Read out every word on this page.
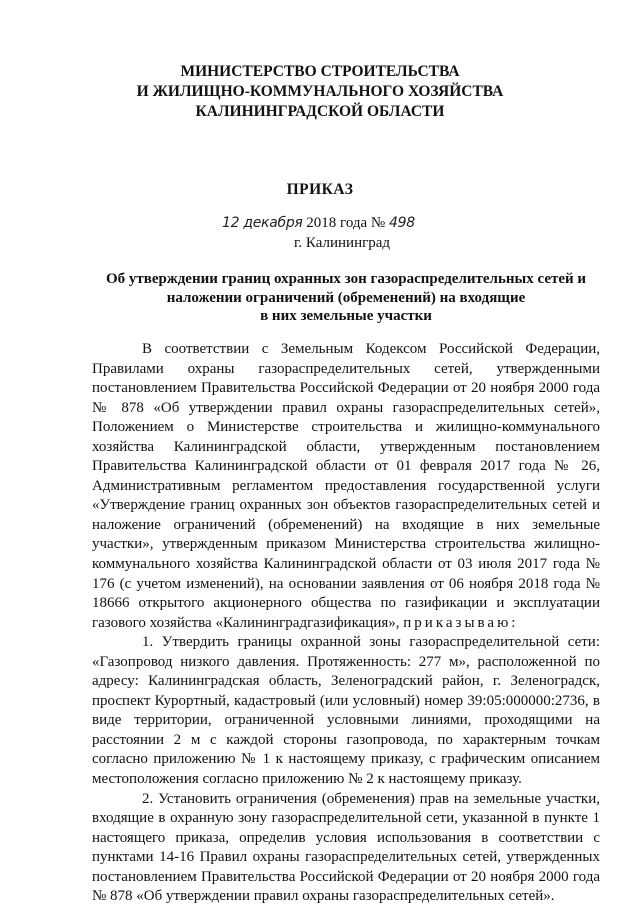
МИНИСТЕРСТВО СТРОИТЕЛЬСТВА
И ЖИЛИЩНО-КОММУНАЛЬНОГО ХОЗЯЙСТВА
КАЛИНИНГРАДСКОЙ ОБЛАСТИ
ПРИКАЗ
12 декабря 2018 года № 498
г. Калининград
Об утверждении границ охранных зон газораспределительных сетей и
наложении ограничений (обременений) на входящие
в них земельные участки

В соответствии с Земельным Кодексом Российской Федерации, Правилами охраны газораспределительных сетей, утвержденными постановлением Правительства Российской Федерации от 20 ноября 2000 года № 878 «Об утверждении правил охраны газораспределительных сетей», Положением о Министерстве строительства и жилищно-коммунального хозяйства Калининградской области, утвержденным постановлением Правительства Калининградской области от 01 февраля 2017 года № 26, Административным регламентом предоставления государственной услуги «Утверждение границ охранных зон объектов газораспределительных сетей и наложение ограничений (обременений) на входящие в них земельные участки», утвержденным приказом Министерства строительства жилищно-коммунального хозяйства Калининградской области от 03 июля 2017 года № 176 (с учетом изменений), на основании заявления от 06 ноября 2018 года № 18666 открытого акционерного общества по газификации и эксплуатации газового хозяйства «Калининградгазификация», приказываю:

1. Утвердить границы охранной зоны газораспределительной сети: «Газопровод низкого давления. Протяженность: 277 м», расположенной по адресу: Калининградская область, Зеленоградский район, г. Зеленоградск, проспект Курортный, кадастровый (или условный) номер 39:05:000000:2736, в виде территории, ограниченной условными линиями, проходящими на расстоянии 2 м с каждой стороны газопровода, по характерным точкам согласно приложению № 1 к настоящему приказу, с графическим описанием местоположения согласно приложению № 2 к настоящему приказу.

2. Установить ограничения (обременения) прав на земельные участки, входящие в охранную зону газораспределительной сети, указанной в пункте 1 настоящего приказа, определив условия использования в соответствии с пунктами 14-16 Правил охраны газораспределительных сетей, утвержденных постановлением Правительства Российской Федерации от 20 ноября 2000 года № 878 «Об утверждении правил охраны газораспределительных сетей».
